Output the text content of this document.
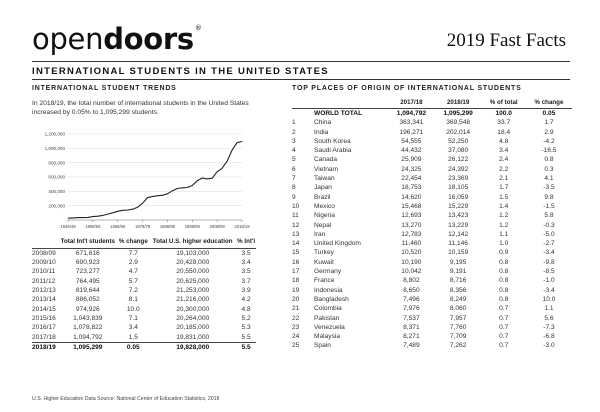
opendoors®
2019 Fast Facts
INTERNATIONAL STUDENTS IN THE UNITED STATES
INTERNATIONAL STUDENT TRENDS
In 2018/19, the total number of international students in the United States increased by 0.05% to 1,095,299 students.
200,000
400,000
600,000
800,000
1,000,000
1,200,000
1948/49 1958/59 1968/69 1978/79 1988/89 1998/99 2008/09 2018/19
	Total Int'l students	% change	Total U.S. higher education	% Int'l
2008/09	671,616	7.7	19,103,000	3.5
2009/10	690,923	2.9	20,428,000	3.4
2010/11	723,277	4.7	20,550,000	3.5
2011/12	764,495	5.7	20,625,000	3.7
2012/13	819,644	7.2	21,253,000	3.9
2013/14	886,052	8.1	21,216,000	4.2
2014/15	974,926	10.0	20,300,000	4.8
2015/16	1,043,839	7.1	20,264,000	5.2
2016/17	1,078,822	3.4	20,185,000	5.3
2017/18	1,094,792	1.5	19,831,000	5.5
2018/19	1,095,299	0.05	19,828,000	5.5
U.S. Higher Education Data Source: National Center of Education Statistics, 2018
TOP PLACES OF ORIGIN OF INTERNATIONAL STUDENTS
		2017/18	2018/19	% of total	% change
	WORLD TOTAL	1,094,792	1,095,299	100.0	0.05
1	China	363,341	369,548	33.7	1.7
2	India	196,271	202,014	18.4	2.9
3	South Korea	54,555	52,250	4.8	-4.2
4	Saudi Arabia	44,432	37,080	3.4	-16.5
5	Canada	25,909	26,122	2.4	0.8
6	Vietnam	24,325	24,392	2.2	0.3
7	Taiwan	22,454	23,369	2.1	4.1
8	Japan	18,753	18,105	1.7	-3.5
9	Brazil	14,620	16,059	1.5	9.8
10	Mexico	15,468	15,229	1.4	-1.5
11	Nigeria	12,693	13,423	1.2	5.8
12	Nepal	13,270	13,229	1.2	-0.3
13	Iran	12,783	12,142	1.1	-5.0
14	United Kingdom	11,460	11,146	1.0	-2.7
15	Turkey	10,520	10,159	0.9	-3.4
16	Kuwait	10,190	9,195	0.8	-9.8
17	Germany	10,042	9,191	0.8	-8.5
18	France	8,802	8,716	0.8	-1.0
19	Indonesia	8,650	8,356	0.8	-3.4
20	Bangladesh	7,496	8,249	0.8	10.0
21	Colombia	7,976	8,060	0.7	1.1
22	Pakistan	7,537	7,957	0.7	5.6
23	Venezuela	8,371	7,760	0.7	-7.3
24	Malaysia	8,271	7,709	0.7	-6.8
25	Spain	7,489	7,262	0.7	-3.0
